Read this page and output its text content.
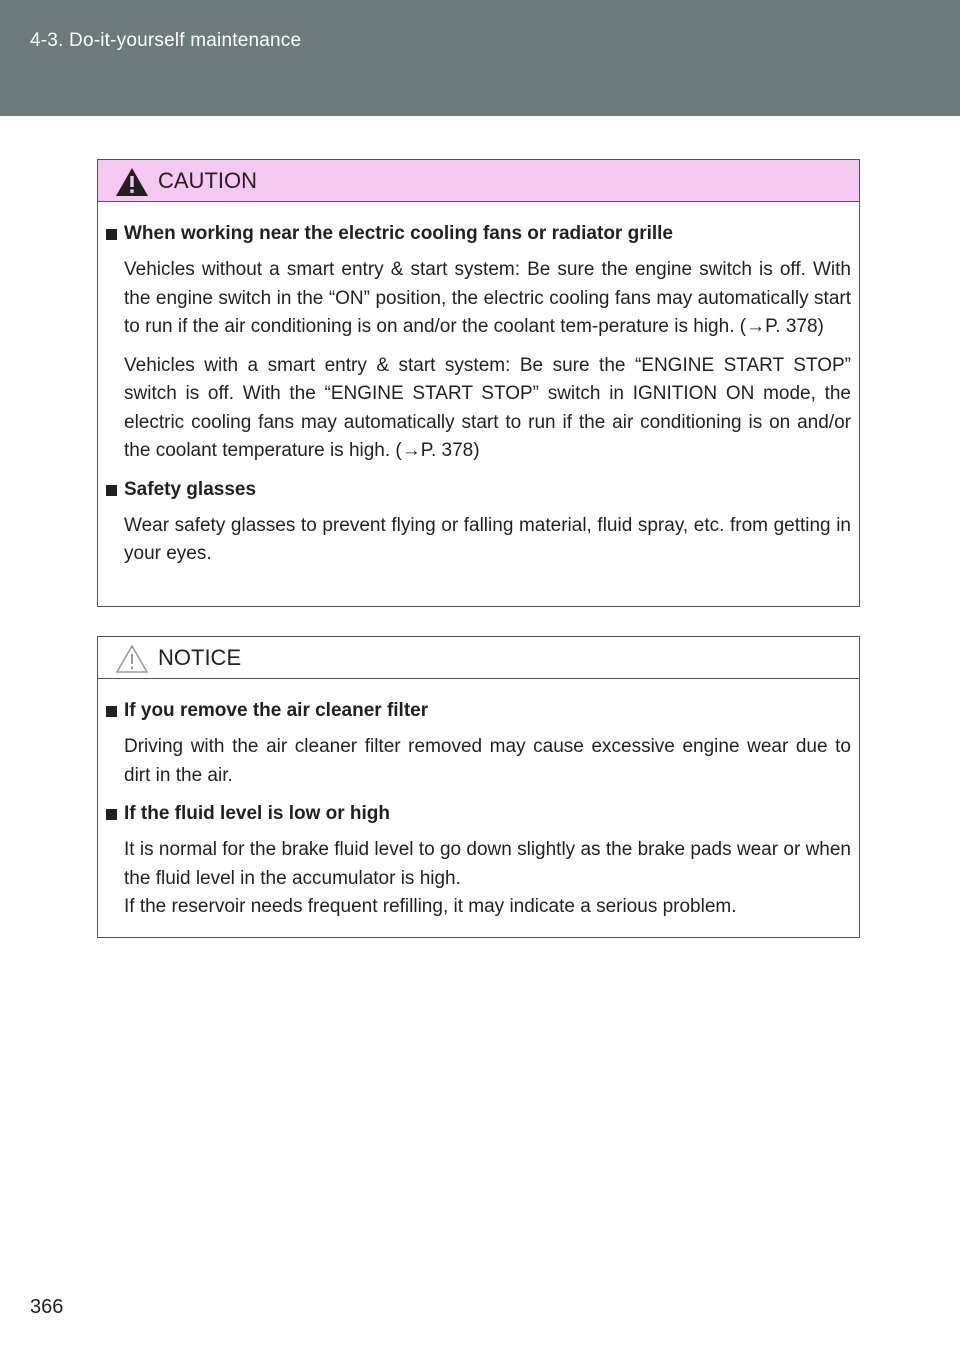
4-3. Do-it-yourself maintenance
CAUTION
When working near the electric cooling fans or radiator grille

Vehicles without a smart entry & start system: Be sure the engine switch is off. With the engine switch in the “ON” position, the electric cooling fans may automatically start to run if the air conditioning is on and/or the coolant tem-perature is high. (→P. 378)

Vehicles with a smart entry & start system: Be sure the “ENGINE START STOP” switch is off. With the “ENGINE START STOP” switch in IGNITION ON mode, the electric cooling fans may automatically start to run if the air conditioning is on and/or the coolant temperature is high. (→P. 378)

Safety glasses

Wear safety glasses to prevent flying or falling material, fluid spray, etc. from getting in your eyes.

NOTICE
If you remove the air cleaner filter

Driving with the air cleaner filter removed may cause excessive engine wear due to dirt in the air.

If the fluid level is low or high

It is normal for the brake fluid level to go down slightly as the brake pads wear or when the fluid level in the accumulator is high.
If the reservoir needs frequent refilling, it may indicate a serious problem.

366
